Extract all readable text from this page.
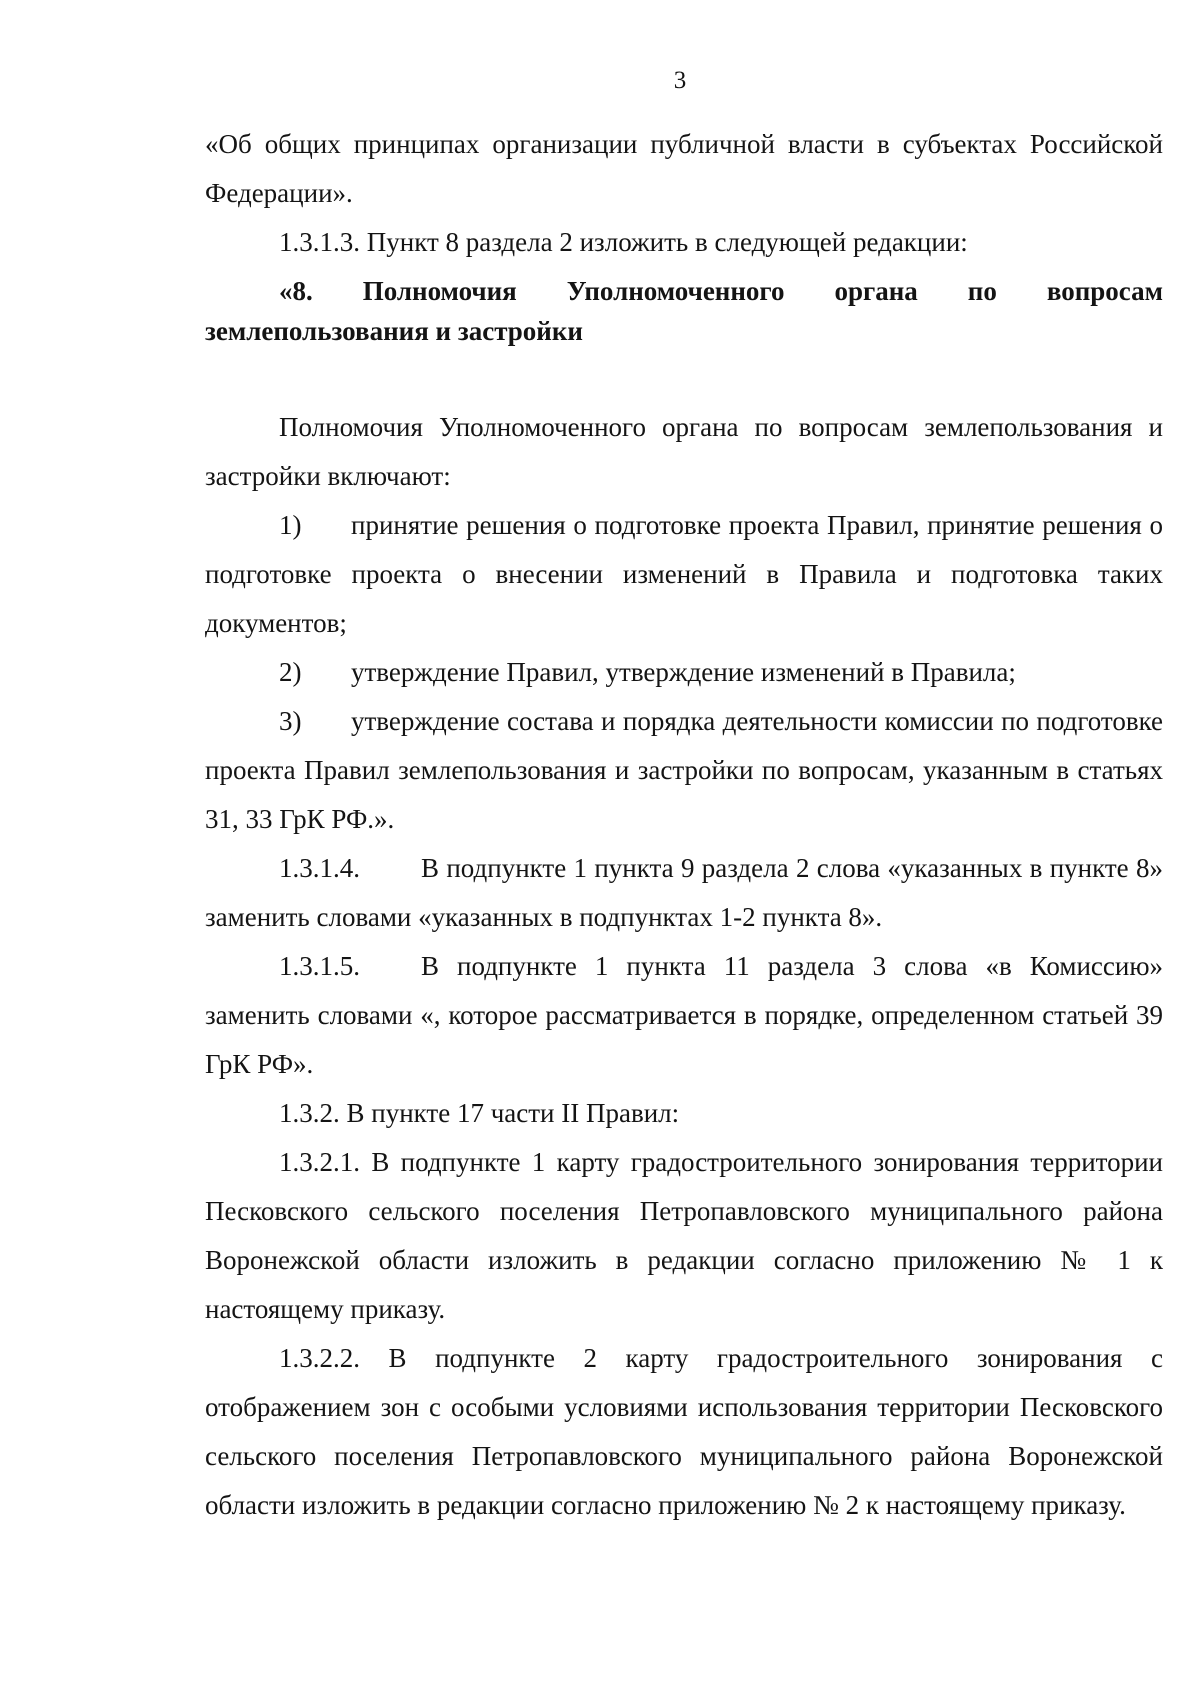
3

«Об общих принципах организации публичной власти в субъектах Российской Федерации».

1.3.1.3. Пункт 8 раздела 2 изложить в следующей редакции:

«8. Полномочия Уполномоченного органа по вопросам землепользования и застройки

Полномочия Уполномоченного органа по вопросам землепользования и застройки включают:

1) принятие решения о подготовке проекта Правил, принятие решения о подготовке проекта о внесении изменений в Правила и подготовка таких документов;

2) утверждение Правил, утверждение изменений в Правила;

3) утверждение состава и порядка деятельности комиссии по подготовке проекта Правил землепользования и застройки по вопросам, указанным в статьях 31, 33 ГрК РФ.».

1.3.1.4. В подпункте 1 пункта 9 раздела 2 слова «указанных в пункте 8» заменить словами «указанных в подпунктах 1-2 пункта 8».

1.3.1.5. В подпункте 1 пункта 11 раздела 3 слова «в Комиссию» заменить словами «, которое рассматривается в порядке, определенном статьей 39 ГрК РФ».

1.3.2. В пункте 17 части II Правил:

1.3.2.1. В подпункте 1 карту градостроительного зонирования территории Песковского сельского поселения Петропавловского муниципального района Воронежской области изложить в редакции согласно приложению № 1 к настоящему приказу.

1.3.2.2. В подпункте 2 карту градостроительного зонирования с отображением зон с особыми условиями использования территории Песковского сельского поселения Петропавловского муниципального района Воронежской области изложить в редакции согласно приложению № 2 к настоящему приказу.
